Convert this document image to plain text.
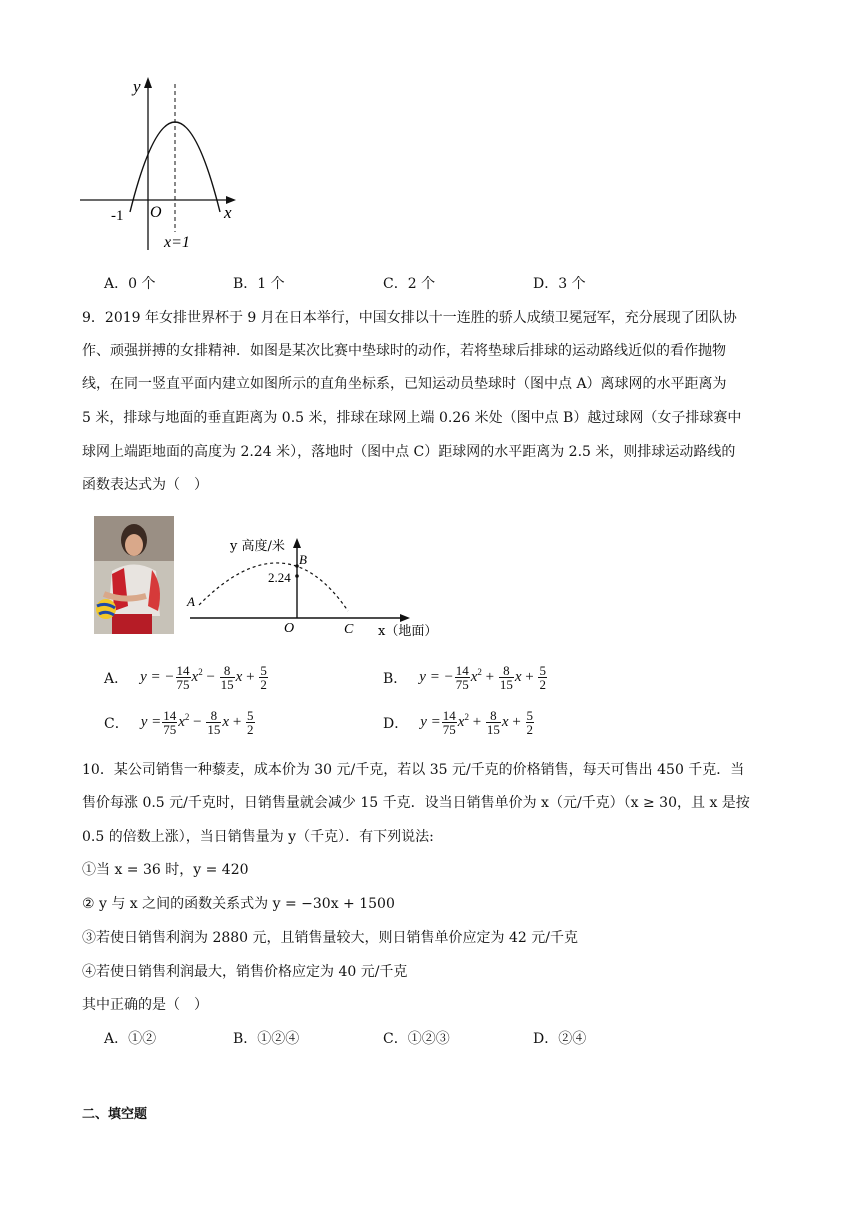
y
x
O
-1
x=1
A．0 个	B．1 个	C．2 个	D．3 个
9．2019 年女排世界杯于 9 月在日本举行，中国女排以十一连胜的骄人成绩卫冕冠军，充分展现了团队协
作、顽强拼搏的女排精神．如图是某次比赛中垫球时的动作，若将垫球后排球的运动路线近似的看作抛物
线，在同一竖直平面内建立如图所示的直角坐标系，已知运动员垫球时（图中点 A）离球网的水平距离为
5 米，排球与地面的垂直距离为 0.5 米，排球在球网上端 0.26 米处（图中点 B）越过球网（女子排球赛中
球网上端距地面的高度为 2.24 米），落地时（图中点 C）距球网的水平距离为 2.5 米，则排球运动路线的
函数表达式为（　）
y 高度/米
2.24
A
B
C
O	x（地面）
A． y = − $\frac{14}{75} x^2$
−
$\frac{8}{15}$ x
+
$\frac{5}{2}$	B． y = − $\frac{14}{75} x^2$
+
$\frac{8}{15}$ x
+
$\frac{5}{2}$
C． $y = \frac{14}{75} x^2$
−
$\frac{8}{15}$ x
+
$\frac{5}{2}$	D． $y = \frac{14}{75} x^2$
+
$\frac{8}{15}$ x
+
$\frac{5}{2}$
10．某公司销售一种藜麦，成本价为 30 元/千克，若以 35 元/千克的价格销售，每天可售出 450 千克．当
售价每涨 0.5 元/千克时，日销售量就会减少 15 千克．设当日销售单价为 x（元/千克）（x ≥ 30，且 x 是按
0.5 的倍数上涨），当日销售量为 y（千克）．有下列说法:
①当 x = 36 时，y = 420
② y 与 x 之间的函数关系式为 y = −30x + 1500
③若使日销售利润为 2880 元，且销售量较大，则日销售单价应定为 42 元/千克
④若使日销售利润最大，销售价格应定为 40 元/千克
其中正确的是（　）
A．①②	B．①②④	C．①②③	D．②④
二、填空题
